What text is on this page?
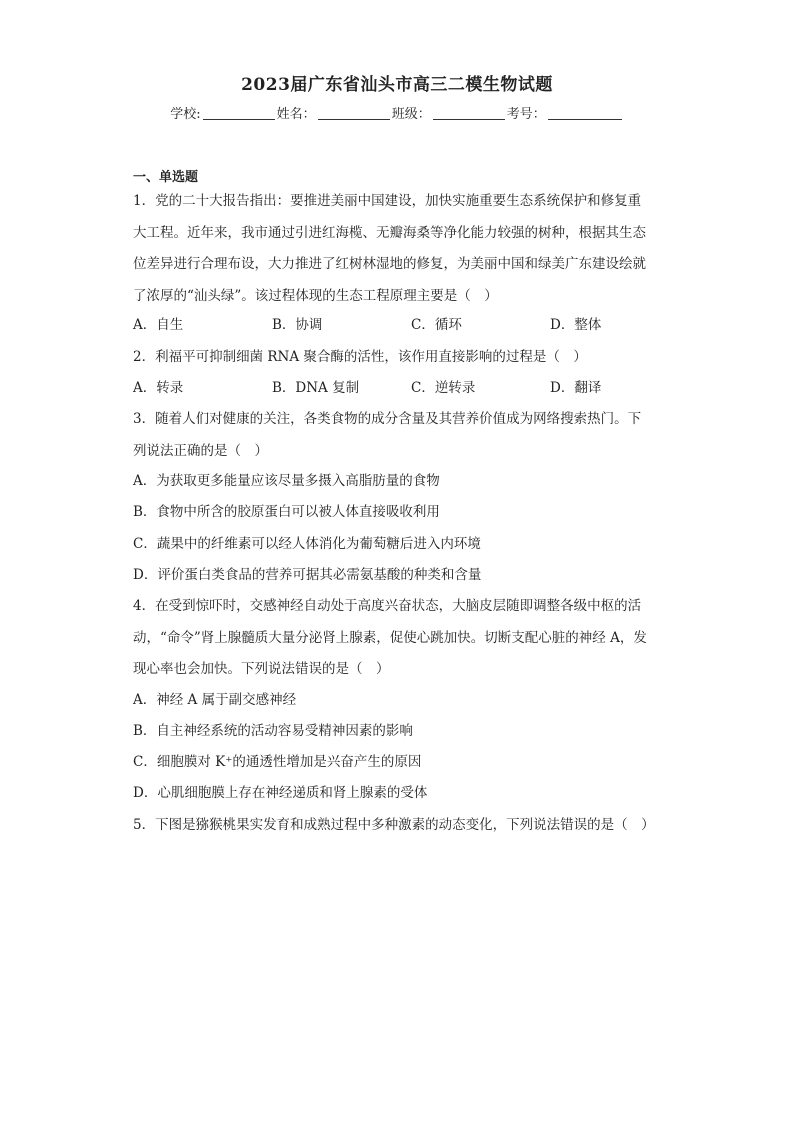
2023届广东省汕头市高三二模生物试题
学校:	姓名：	班级：	考号：
一、单选题
1．党的二十大报告指出：要推进美丽中国建设，加快实施重要生态系统保护和修复重
大工程。近年来，我市通过引进红海榄、无瓣海桑等净化能力较强的树种，根据其生态
位差异进行合理布设，大力推进了红树林湿地的修复，为美丽中国和绿美广东建设绘就
了浓厚的“汕头绿”。该过程体现的生态工程原理主要是（　）
A．自生	B．协调	C．循环	D．整体
2．利福平可抑制细菌 RNA 聚合酶的活性，该作用直接影响的过程是（　）
A．转录	B．DNA 复制	C．逆转录	D．翻译
3．随着人们对健康的关注，各类食物的成分含量及其营养价值成为网络搜索热门。下
列说法正确的是（　）
A．为获取更多能量应该尽量多摄入高脂肪量的食物
B．食物中所含的胶原蛋白可以被人体直接吸收利用
C．蔬果中的纤维素可以经人体消化为葡萄糖后进入内环境
D．评价蛋白类食品的营养可据其必需氨基酸的种类和含量
4．在受到惊吓时，交感神经自动处于高度兴奋状态，大脑皮层随即调整各级中枢的活
动，“命令”肾上腺髓质大量分泌肾上腺素，促使心跳加快。切断支配心脏的神经 A，发
现心率也会加快。下列说法错误的是（　）
A．神经 A 属于副交感神经
B．自主神经系统的活动容易受精神因素的影响
C．细胞膜对 K⁺的通透性增加是兴奋产生的原因
D．心肌细胞膜上存在神经递质和肾上腺素的受体
5．下图是猕猴桃果实发育和成熟过程中多种激素的动态变化，下列说法错误的是（　）
